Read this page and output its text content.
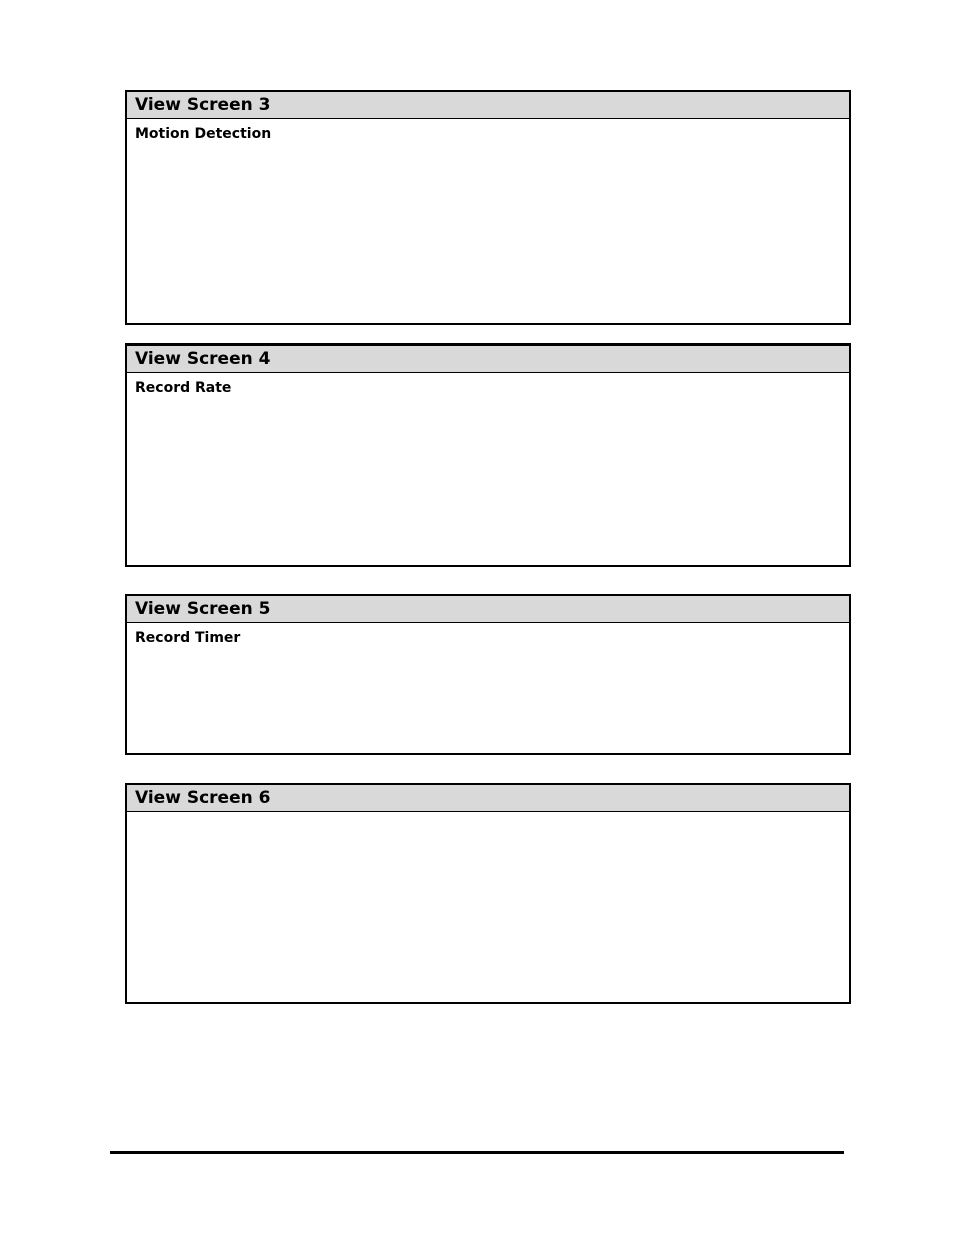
View Screen 3
Motion Detection
View Screen 4
Record Rate
View Screen 5
Record Timer
View Screen 6
